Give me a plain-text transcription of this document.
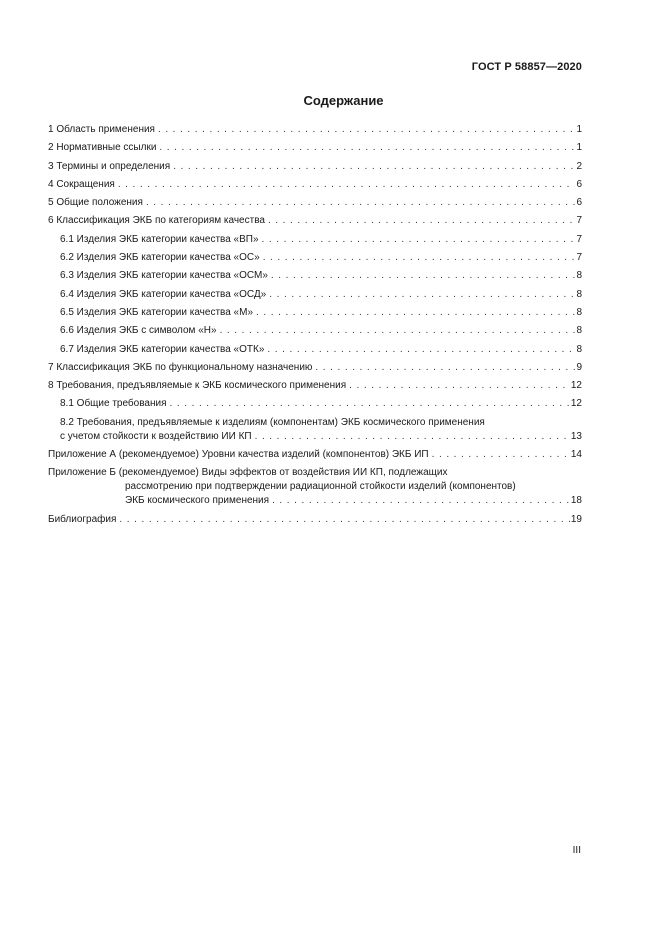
ГОСТ Р 58857—2020
Содержание
1 Область применения . . .	1
2 Нормативные ссылки . . .	1
3 Термины и определения . . .	2
4 Сокращения . . .	6
5 Общие положения . . .	6
6 Классификация ЭКБ по категориям качества . . .	7
6.1 Изделия ЭКБ категории качества «ВП» . . .	7
6.2 Изделия ЭКБ категории качества «ОС» . . .	7
6.3 Изделия ЭКБ категории качества «ОСМ» . . .	8
6.4 Изделия ЭКБ категории качества «ОСД» . . .	8
6.5 Изделия ЭКБ категории качества «М» . . .	8
6.6 Изделия ЭКБ с символом «Н» . . .	8
6.7 Изделия ЭКБ категории качества «ОТК» . . .	8
7 Классификация ЭКБ по функциональному назначению . . .	9
8 Требования, предъявляемые к ЭКБ космического применения . . .	12
8.1 Общие требования . . .	12
8.2 Требования, предъявляемые к изделиям (компонентам) ЭКБ космического применения
с учетом стойкости к воздействию ИИ КП . . .	13
Приложение А (рекомендуемое) Уровни качества изделий (компонентов) ЭКБ ИП . . .	14
Приложение Б (рекомендуемое) Виды эффектов от воздействия ИИ КП, подлежащих
рассмотрению при подтверждении радиационной стойкости изделий (компонентов)
ЭКБ космического применения . . .	18
Библиография . . .	19
III
